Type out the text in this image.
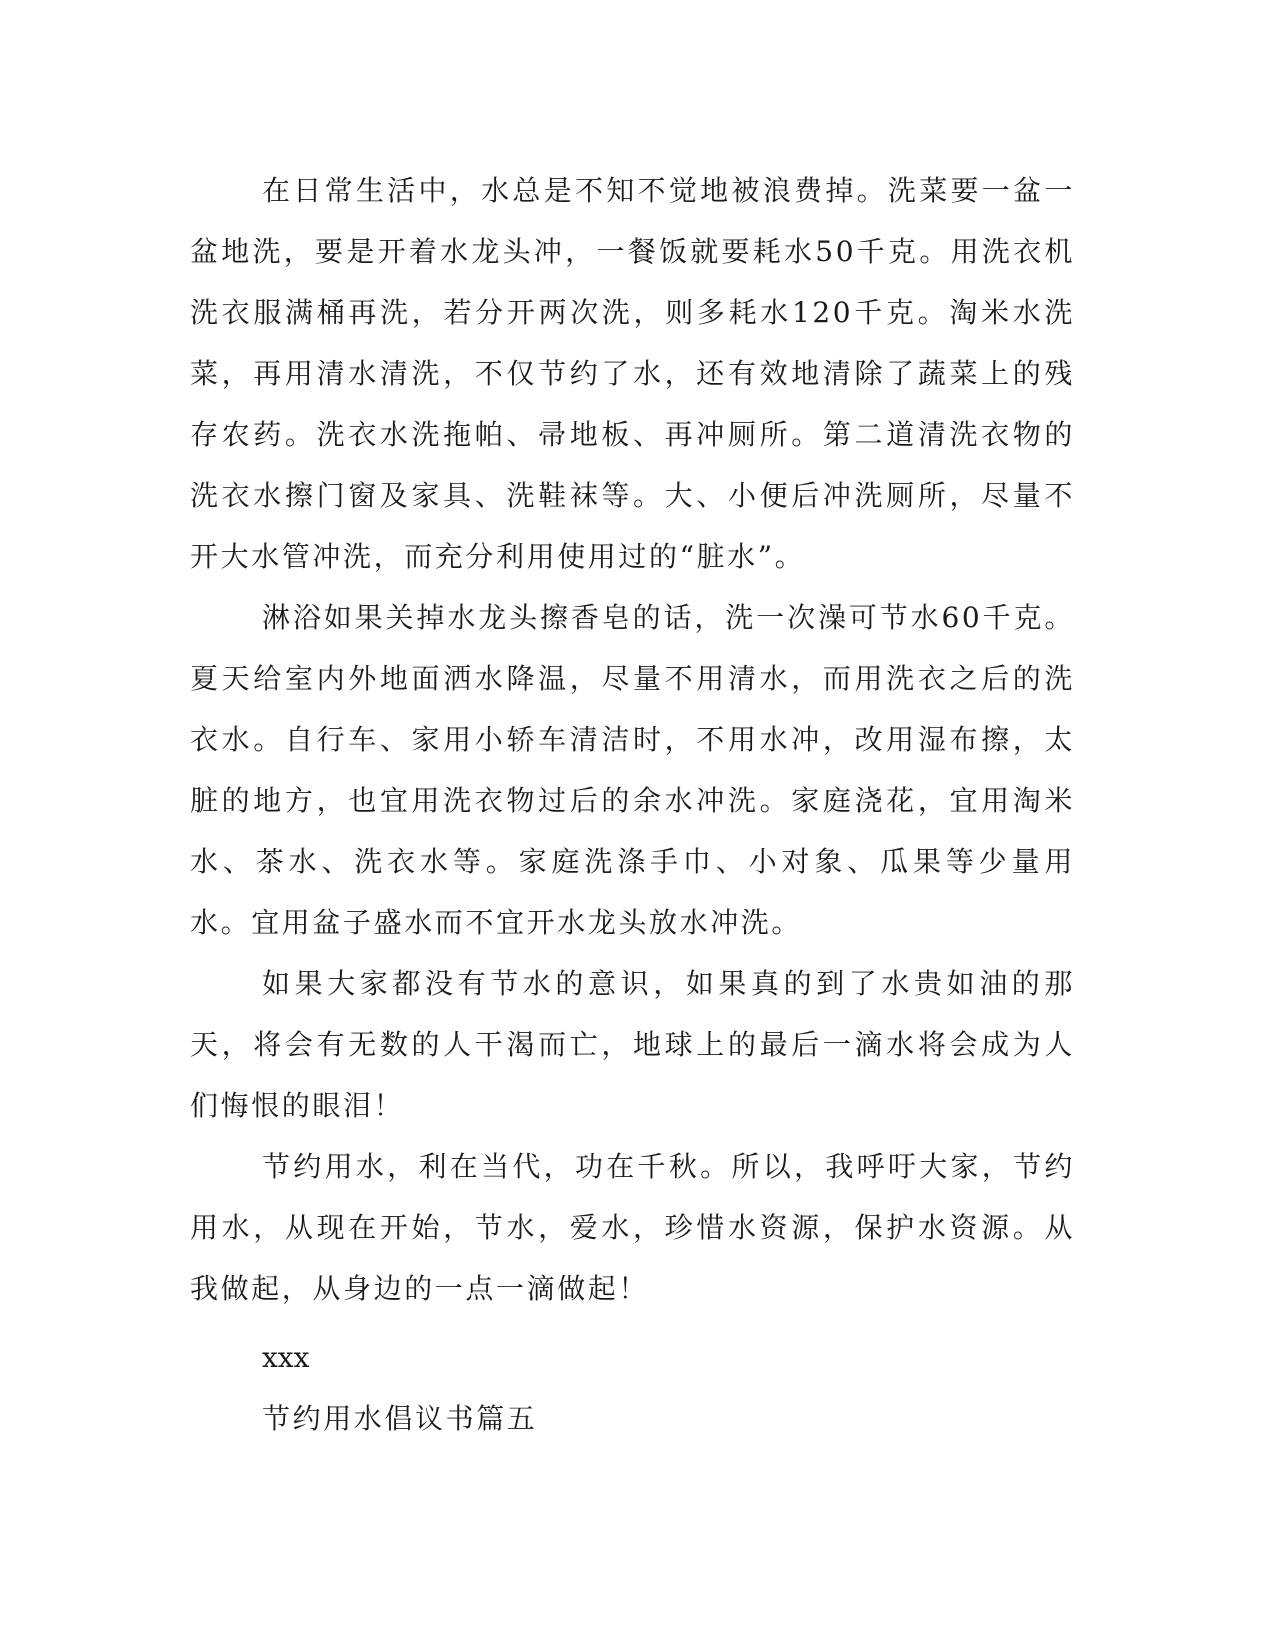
在日常生活中，水总是不知不觉地被浪费掉。洗菜要一盆一盆地洗，要是开着水龙头冲，一餐饭就要耗水50千克。用洗衣机洗衣服满桶再洗，若分开两次洗，则多耗水120千克。淘米水洗菜，再用清水清洗，不仅节约了水，还有效地清除了蔬菜上的残存农药。洗衣水洗拖帕、帚地板、再冲厕所。第二道清洗衣物的洗衣水擦门窗及家具、洗鞋袜等。大、小便后冲洗厕所，尽量不开大水管冲洗，而充分利用使用过的“脏水”。

淋浴如果关掉水龙头擦香皂的话，洗一次澡可节水60千克。夏天给室内外地面洒水降温，尽量不用清水，而用洗衣之后的洗衣水。自行车、家用小轿车清洁时，不用水冲，改用湿布擦，太脏的地方，也宜用洗衣物过后的余水冲洗。家庭浇花，宜用淘米水、茶水、洗衣水等。家庭洗涤手巾、小对象、瓜果等少量用水。宜用盆子盛水而不宜开水龙头放水冲洗。

如果大家都没有节水的意识，如果真的到了水贵如油的那天，将会有无数的人干渴而亡，地球上的最后一滴水将会成为人们悔恨的眼泪！

节约用水，利在当代，功在千秋。所以，我呼吁大家，节约用水，从现在开始，节水，爱水，珍惜水资源，保护水资源。从我做起，从身边的一点一滴做起！

xxx
节约用水倡议书篇五
